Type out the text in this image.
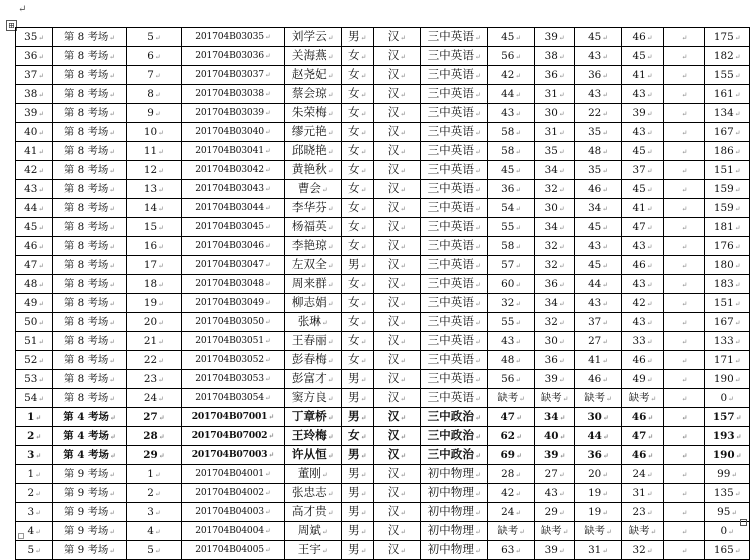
↵
⊞
35↵	第 8 考场↵	5↵	201704B03035↵	刘学云↵	男↵	汉↵	三中英语↵	45↵	39↵	45↵	46↵	↵	175↵
36↵	第 8 考场↵	6↵	201704B03036↵	关海燕↵	女↵	汉↵	三中英语↵	56↵	38↵	43↵	45↵	↵	182↵
37↵	第 8 考场↵	7↵	201704B03037↵	赵尧妃↵	女↵	汉↵	三中英语↵	42↵	36↵	36↵	41↵	↵	155↵
38↵	第 8 考场↵	8↵	201704B03038↵	蔡会琼↵	女↵	汉↵	三中英语↵	44↵	31↵	43↵	43↵	↵	161↵
39↵	第 8 考场↵	9↵	201704B03039↵	朱荣梅↵	女↵	汉↵	三中英语↵	43↵	30↵	22↵	39↵	↵	134↵
40↵	第 8 考场↵	10↵	201704B03040↵	缪元艳↵	女↵	汉↵	三中英语↵	58↵	31↵	35↵	43↵	↵	167↵
41↵	第 8 考场↵	11↵	201704B03041↵	邱晓艳↵	女↵	汉↵	三中英语↵	58↵	35↵	48↵	45↵	↵	186↵
42↵	第 8 考场↵	12↵	201704B03042↵	黄艳秋↵	女↵	汉↵	三中英语↵	45↵	34↵	35↵	37↵	↵	151↵
43↵	第 8 考场↵	13↵	201704B03043↵	曹会↵	女↵	汉↵	三中英语↵	36↵	32↵	46↵	45↵	↵	159↵
44↵	第 8 考场↵	14↵	201704B03044↵	李华芬↵	女↵	汉↵	三中英语↵	54↵	30↵	34↵	41↵	↵	159↵
45↵	第 8 考场↵	15↵	201704B03045↵	杨福英↵	女↵	汉↵	三中英语↵	55↵	34↵	45↵	47↵	↵	181↵
46↵	第 8 考场↵	16↵	201704B03046↵	李艳琼↵	女↵	汉↵	三中英语↵	58↵	32↵	43↵	43↵	↵	176↵
47↵	第 8 考场↵	17↵	201704B03047↵	左双全↵	男↵	汉↵	三中英语↵	57↵	32↵	45↵	46↵	↵	180↵
48↵	第 8 考场↵	18↵	201704B03048↵	周来群↵	女↵	汉↵	三中英语↵	60↵	36↵	44↵	43↵	↵	183↵
49↵	第 8 考场↵	19↵	201704B03049↵	柳志娟↵	女↵	汉↵	三中英语↵	32↵	34↵	43↵	42↵	↵	151↵
50↵	第 8 考场↵	20↵	201704B03050↵	张琳↵	女↵	汉↵	三中英语↵	55↵	32↵	37↵	43↵	↵	167↵
51↵	第 8 考场↵	21↵	201704B03051↵	王春丽↵	女↵	汉↵	三中英语↵	43↵	30↵	27↵	33↵	↵	133↵
52↵	第 8 考场↵	22↵	201704B03052↵	彭春梅↵	女↵	汉↵	三中英语↵	48↵	36↵	41↵	46↵	↵	171↵
53↵	第 8 考场↵	23↵	201704B03053↵	彭富才↵	男↵	汉↵	三中英语↵	56↵	39↵	46↵	49↵	↵	190↵
54↵	第 8 考场↵	24↵	201704B03054↵	窦方良↵	男↵	汉↵	三中英语↵	缺考↵	缺考↵	缺考↵	缺考↵	↵	0↵
1↵	第 4 考场↵	27↵	201704B07001↵	丁章桥↵	男↵	汉↵	三中政治↵	47↵	34↵	30↵	46↵	↵	157↵
2↵	第 4 考场↵	28↵	201704B07002↵	王玲梅↵	女↵	汉↵	三中政治↵	62↵	40↵	44↵	47↵	↵	193↵
3↵	第 4 考场↵	29↵	201704B07003↵	许从恒↵	男↵	汉↵	三中政治↵	69↵	39↵	36↵	46↵	↵	190↵
1↵	第 9 考场↵	1↵	201704B04001↵	董刚↵	男↵	汉↵	初中物理↵	28↵	27↵	20↵	24↵	↵	99↵
2↵	第 9 考场↵	2↵	201704B04002↵	张忠志↵	男↵	汉↵	初中物理↵	42↵	43↵	19↵	31↵	↵	135↵
3↵	第 9 考场↵	3↵	201704B04003↵	高才贵↵	男↵	汉↵	初中物理↵	24↵	29↵	19↵	23↵	↵	95↵
4↵	第 9 考场↵	4↵	201704B04004↵	周斌↵	男↵	汉↵	初中物理↵	缺考↵	缺考↵	缺考↵	缺考↵	↵	0↵
5↵	第 9 考场↵	5↵	201704B04005↵	王宇↵	男↵	汉↵	初中物理↵	63↵	39↵	31↵	32↵	↵	165↵
